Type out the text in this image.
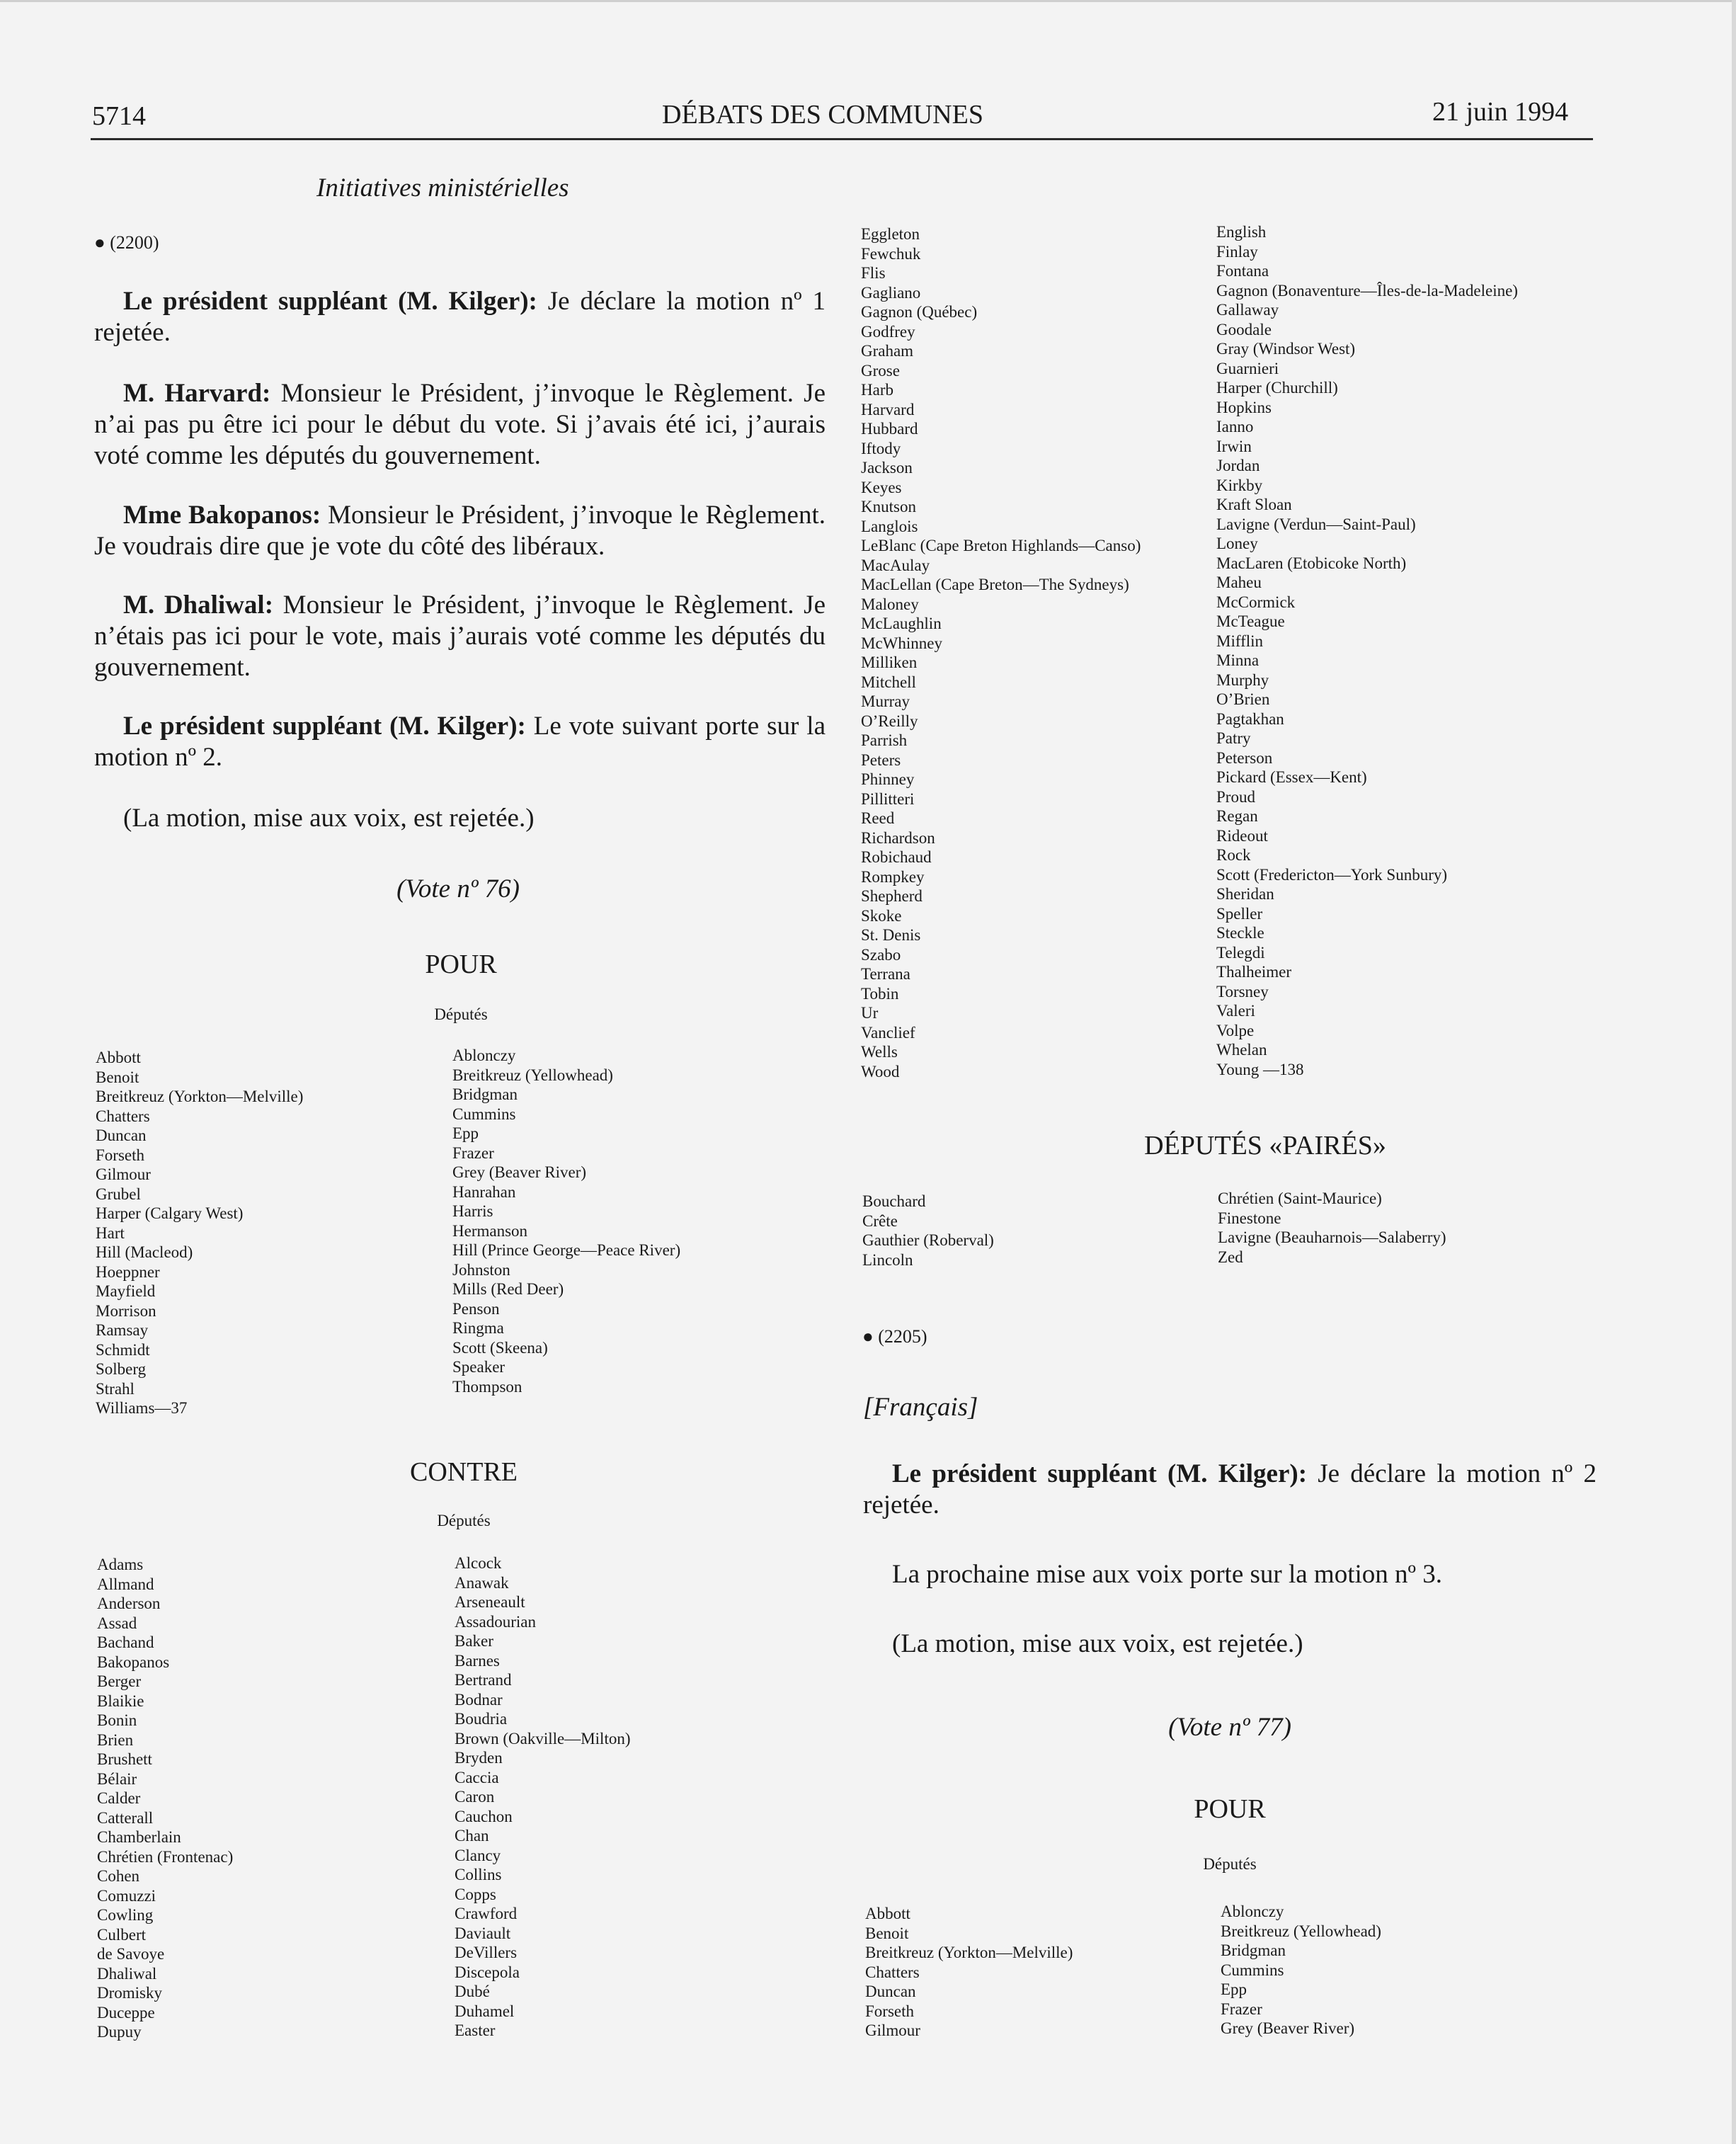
5714	DÉBATS DES COMMUNES	21 juin 1994
Initiatives ministérielles
● (2200)
Le président suppléant (M. Kilger): Je déclare la motion nº 1 rejetée.
M. Harvard: Monsieur le Président, j’invoque le Règlement. Je n’ai pas pu être ici pour le début du vote. Si j’avais été ici, j’aurais voté comme les députés du gouvernement.
Mme Bakopanos: Monsieur le Président, j’invoque le Règlement. Je voudrais dire que je vote du côté des libéraux.
M. Dhaliwal: Monsieur le Président, j’invoque le Règlement. Je n’étais pas ici pour le vote, mais j’aurais voté comme les députés du gouvernement.
Le président suppléant (M. Kilger): Le vote suivant porte sur la motion nº 2.
(La motion, mise aux voix, est rejetée.)
(Vote nº 76)
POUR
Députés
Abbott
Benoit
Breitkreuz (Yorkton—Melville)
Chatters
Duncan
Forseth
Gilmour
Grubel
Harper (Calgary West)
Hart
Hill (Macleod)
Hoeppner
Mayfield
Morrison
Ramsay
Schmidt
Solberg
Strahl
Williams—37
Ablonczy
Breitkreuz (Yellowhead)
Bridgman
Cummins
Epp
Frazer
Grey (Beaver River)
Hanrahan
Harris
Hermanson
Hill (Prince George—Peace River)
Johnston
Mills (Red Deer)
Penson
Ringma
Scott (Skeena)
Speaker
Thompson
CONTRE
Députés
Adams
Allmand
Anderson
Assad
Bachand
Bakopanos
Berger
Blaikie
Bonin
Brien
Brushett
Bélair
Calder
Catterall
Chamberlain
Chrétien (Frontenac)
Cohen
Comuzzi
Cowling
Culbert
de Savoye
Dhaliwal
Dromisky
Duceppe
Dupuy
Alcock
Anawak
Arseneault
Assadourian
Baker
Barnes
Bertrand
Bodnar
Boudria
Brown (Oakville—Milton)
Bryden
Caccia
Caron
Cauchon
Chan
Clancy
Collins
Copps
Crawford
Daviault
DeVillers
Discepola
Dubé
Duhamel
Easter
Eggleton
Fewchuk
Flis
Gagliano
Gagnon (Québec)
Godfrey
Graham
Grose
Harb
Harvard
Hubbard
Iftody
Jackson
Keyes
Knutson
Langlois
LeBlanc (Cape Breton Highlands—Canso)
MacAulay
MacLellan (Cape Breton—The Sydneys)
Maloney
McLaughlin
McWhinney
Milliken
Mitchell
Murray
O’Reilly
Parrish
Peters
Phinney
Pillitteri
Reed
Richardson
Robichaud
Rompkey
Shepherd
Skoke
St. Denis
Szabo
Terrana
Tobin
Ur
Vanclief
Wells
Wood
English
Finlay
Fontana
Gagnon (Bonaventure—Îles-de-la-Madeleine)
Gallaway
Goodale
Gray (Windsor West)
Guarnieri
Harper (Churchill)
Hopkins
Ianno
Irwin
Jordan
Kirkby
Kraft Sloan
Lavigne (Verdun—Saint-Paul)
Loney
MacLaren (Etobicoke North)
Maheu
McCormick
McTeague
Mifflin
Minna
Murphy
O’Brien
Pagtakhan
Patry
Peterson
Pickard (Essex—Kent)
Proud
Regan
Rideout
Rock
Scott (Fredericton—York Sunbury)
Sheridan
Speller
Steckle
Telegdi
Thalheimer
Torsney
Valeri
Volpe
Whelan
Young —138
DÉPUTÉS «PAIRÉS»
Bouchard
Crête
Gauthier (Roberval)
Lincoln
Chrétien (Saint-Maurice)
Finestone
Lavigne (Beauharnois—Salaberry)
Zed
● (2205)
[Français]
Le président suppléant (M. Kilger): Je déclare la motion nº 2 rejetée.
La prochaine mise aux voix porte sur la motion nº 3.
(La motion, mise aux voix, est rejetée.)
(Vote nº 77)
POUR
Députés
Abbott
Benoit
Breitkreuz (Yorkton—Melville)
Chatters
Duncan
Forseth
Gilmour
Ablonczy
Breitkreuz (Yellowhead)
Bridgman
Cummins
Epp
Frazer
Grey (Beaver River)
